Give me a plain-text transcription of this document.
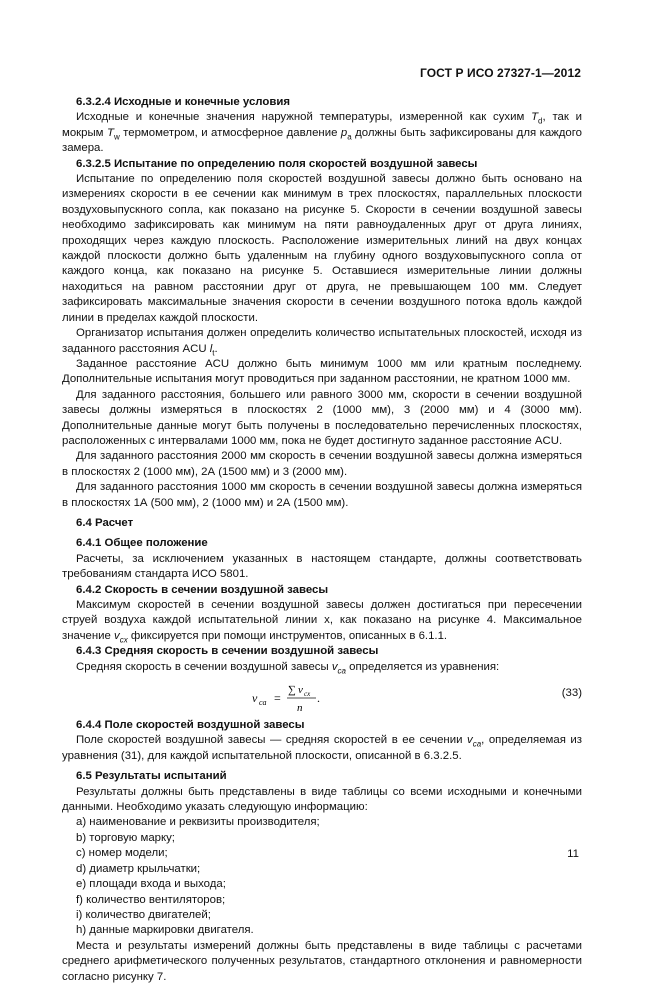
ГОСТ Р ИСО 27327-1—2012

6.3.2.4 Исходные и конечные условия

Исходные и конечные значения наружной температуры, измеренной как сухим $T_d$, так и мокрым $T_w$ термометром, и атмосферное давление $p_a$ должны быть зафиксированы для каждого замера.

6.3.2.5 Испытание по определению поля скоростей воздушной завесы

Испытание по определению поля скоростей воздушной завесы должно быть основано на измерениях скорости в ее сечении как минимум в трех плоскостях, параллельных плоскости воздуховыпускного сопла, как показано на рисунке 5. Скорости в сечении воздушной завесы необходимо зафиксировать как минимум на пяти равноудаленных друг от друга линиях, проходящих через каждую плоскость. Расположение измерительных линий на двух концах каждой плоскости должно быть удаленным на глубину одного воздуховыпускного сопла от каждого конца, как показано на рисунке 5. Оставшиеся измерительные линии должны находиться на равном расстоянии друг от друга, не превышающем 100 мм. Следует зафиксировать максимальные значения скорости в сечении воздушного потока вдоль каждой линии в пределах каждой плоскости.

Организатор испытания должен определить количество испытательных плоскостей, исходя из заданного расстояния ACU $l_t$.

Заданное расстояние ACU должно быть минимум 1000 мм или кратным последнему. Дополнительные испытания могут проводиться при заданном расстоянии, не кратном 1000 мм.

Для заданного расстояния, большего или равного 3000 мм, скорости в сечении воздушной завесы должны измеряться в плоскостях 2 (1000 мм), 3 (2000 мм) и 4 (3000 мм). Дополнительные данные могут быть получены в последовательно перечисленных плоскостях, расположенных с интервалами 1000 мм, пока не будет достигнуто заданное расстояние ACU.

Для заданного расстояния 2000 мм скорость в сечении воздушной завесы должна измеряться в плоскостях 2 (1000 мм), 2А (1500 мм) и 3 (2000 мм).

Для заданного расстояния 1000 мм скорость в сечении воздушной завесы должна измеряться в плоскостях 1А (500 мм), 2 (1000 мм) и 2А (1500 мм).

6.4 Расчет

6.4.1 Общее положение

Расчеты, за исключением указанных в настоящем стандарте, должны соответствовать требованиям стандарта ИСО 5801.

6.4.2 Скорость в сечении воздушной завесы

Максимум скоростей в сечении воздушной завесы должен достигаться при пересечении струей воздуха каждой испытательной линии x, как показано на рисунке 4. Максимальное значение $v_{cx}$ фиксируется при помощи инструментов, описанных в 6.1.1.

6.4.3 Средняя скорость в сечении воздушной завесы

Средняя скорость в сечении воздушной завесы $v_{ca}$ определяется из уравнения:

v ca =
∑ v cx
n
.	(33)

6.4.4 Поле скоростей воздушной завесы

Поле скоростей воздушной завесы — средняя скоростей в ее сечении $v_{ca}$, определяемая из уравнения (31), для каждой испытательной плоскости, описанной в 6.3.2.5.

6.5 Результаты испытаний

Результаты должны быть представлены в виде таблицы со всеми исходными и конечными данными. Необходимо указать следующую информацию:

a) наименование и реквизиты производителя;

b) торговую марку;

c) номер модели;

d) диаметр крыльчатки;

e) площади входа и выхода;

f) количество вентиляторов;

i) количество двигателей;

h) данные маркировки двигателя.

Места и результаты измерений должны быть представлены в виде таблицы с расчетами среднего арифметического полученных результатов, стандартного отклонения и равномерности согласно рисунку 7.

11
